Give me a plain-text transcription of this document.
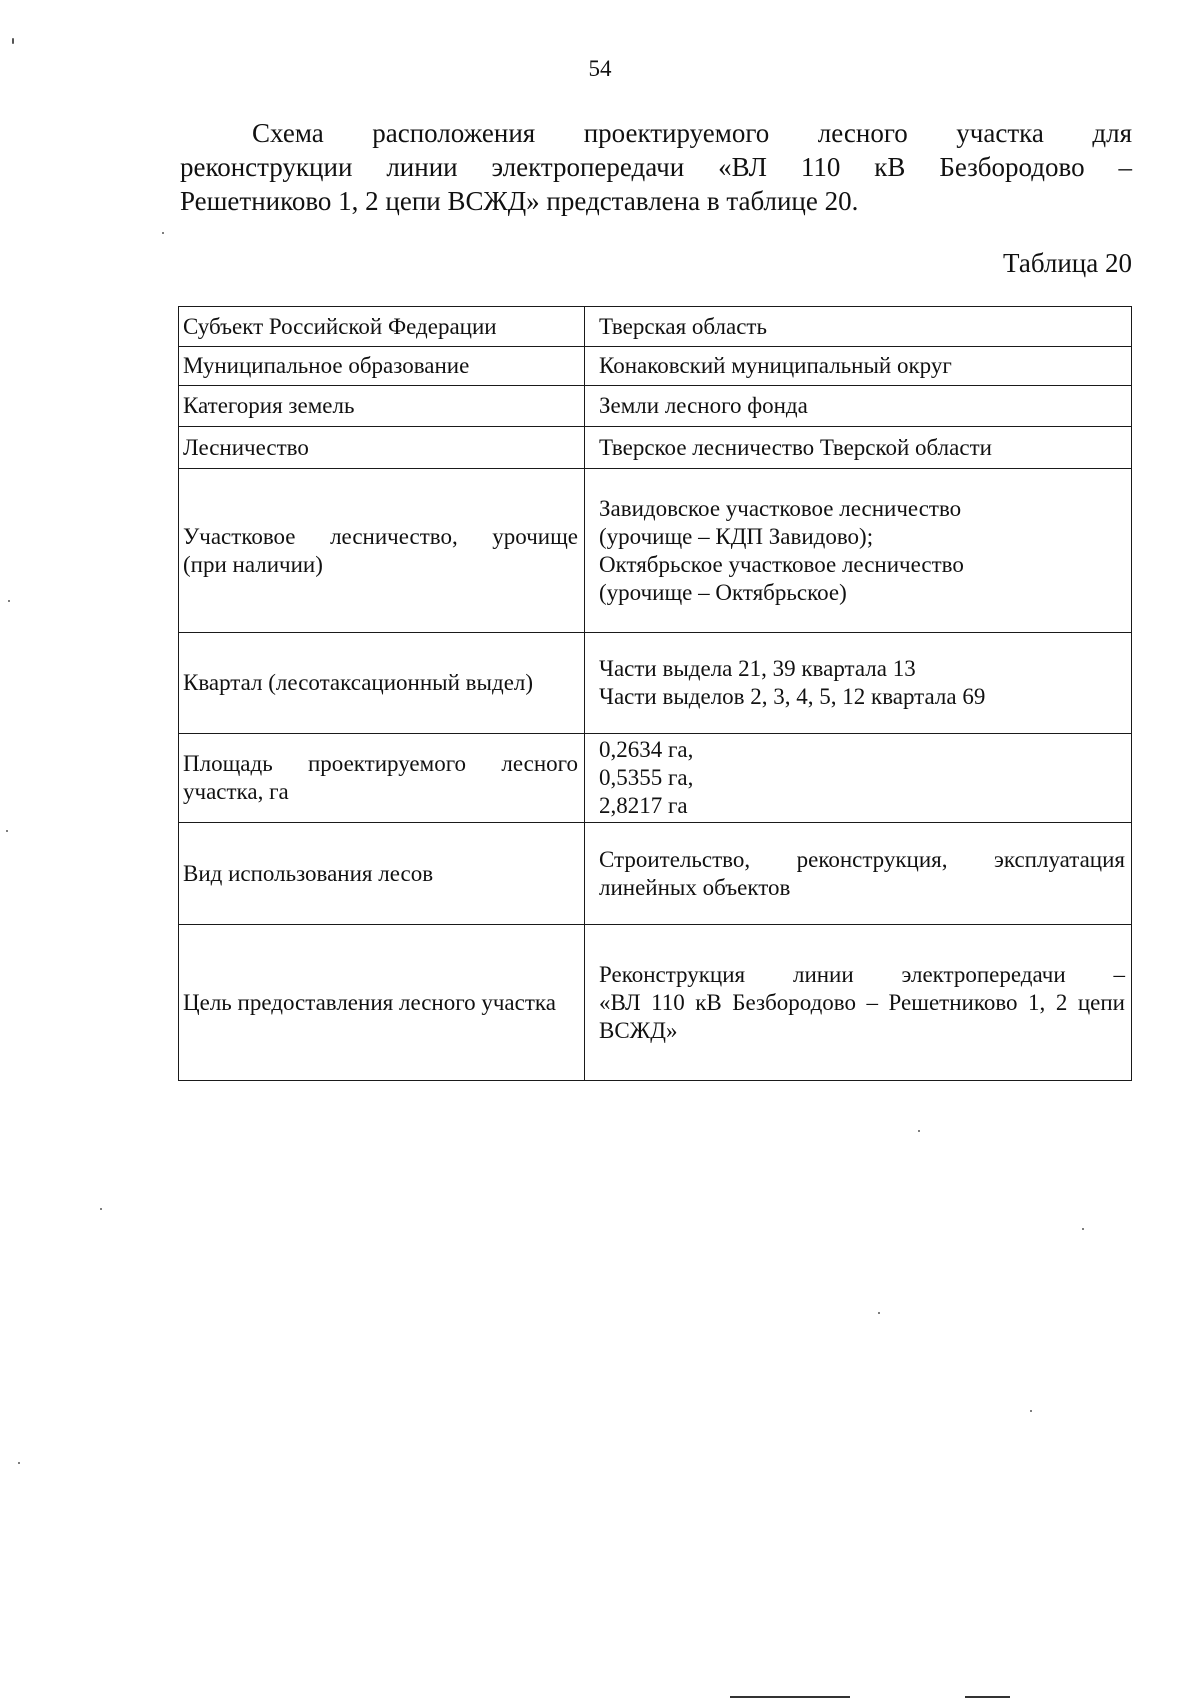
54

Схема расположения проектируемого лесного участка для
реконструкции линии электропередачи «ВЛ 110 кВ Безбородово –
Решетниково 1, 2 цепи ВСЖД» представлена в таблице 20.

Таблица 20
Субъект Российской Федерации	Тверская область

Муниципальное образование	Конаковский муниципальный округ

Категория земель	Земли лесного фонда

Лесничество	Тверское лесничество Тверской области

Участковое лесничество, урочище
(при наличии)	Завидовское участковое лесничество
(урочище – КДП Завидово);
Октябрьское участковое лесничество
(урочище – Октябрьское)

Квартал (лесотаксационный выдел)	Части выдела 21, 39 квартала 13
Части выделов 2, 3, 4, 5, 12 квартала 69

Площадь проектируемого лесного
участка, га	0,2634 га,
0,5355 га,
2,8217 га

Вид использования лесов	Строительство, реконструкция, эксплуатация
линейных объектов

Цель предоставления лесного участка	Реконструкция линии электропередачи –
«ВЛ 110 кВ Безбородово – Решетниково 1, 2 цепи
ВСЖД»
